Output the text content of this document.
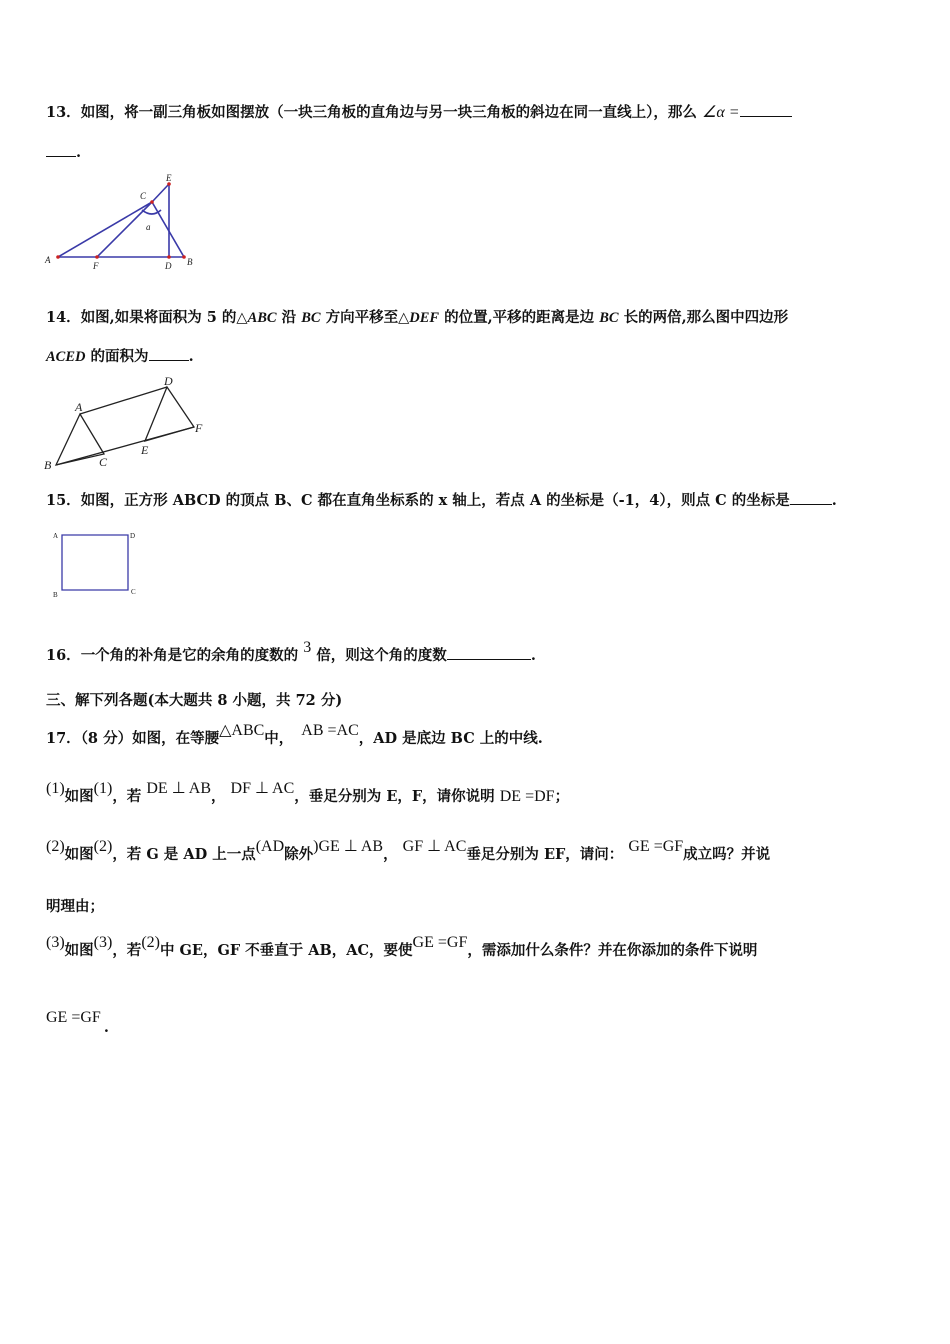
13．如图，将一副三角板如图摆放（一块三角板的直角边与另一块三角板的斜边在同一直线上），那么 ∠α =
.
A
F
C
E
D B
a
14．如图,如果将面积为 5 的△ABC 沿 BC 方向平移至△DEF 的位置,平移的距离是边 BC 长的两倍,那么图中四边形
ACED 的面积为	.
A
B	C
D
E
F
15．如图，正方形 ABCD 的顶点 B、C 都在直角坐标系的 x 轴上，若点 A 的坐标是（-1，4），则点 C 的坐标是	.
A	D
B	C
16．一个角的补角是它的余角的度数的 3 倍，则这个角的度数	.
三、解下列各题(本大题共 8 小题，共 72 分)
17．（8 分）如图，在等腰△ABC中， AB =AC，AD 是底边 BC 上的中线.
(1)如图(1)，若 DE ⊥ AB， DF ⊥ AC，垂足分别为 E，F，请你说明 DE =DF；
(2)如图(2)，若 G 是 AD 上一点(AD除外)GE ⊥ AB， GF ⊥ AC垂足分别为 EF，请问： GE =GF成立吗？并说
明理由；
(3)如图(3)，若(2)中 GE，GF 不垂直于 AB，AC，要使GE =GF，需添加什么条件？并在你添加的条件下说明
GE =GF.
